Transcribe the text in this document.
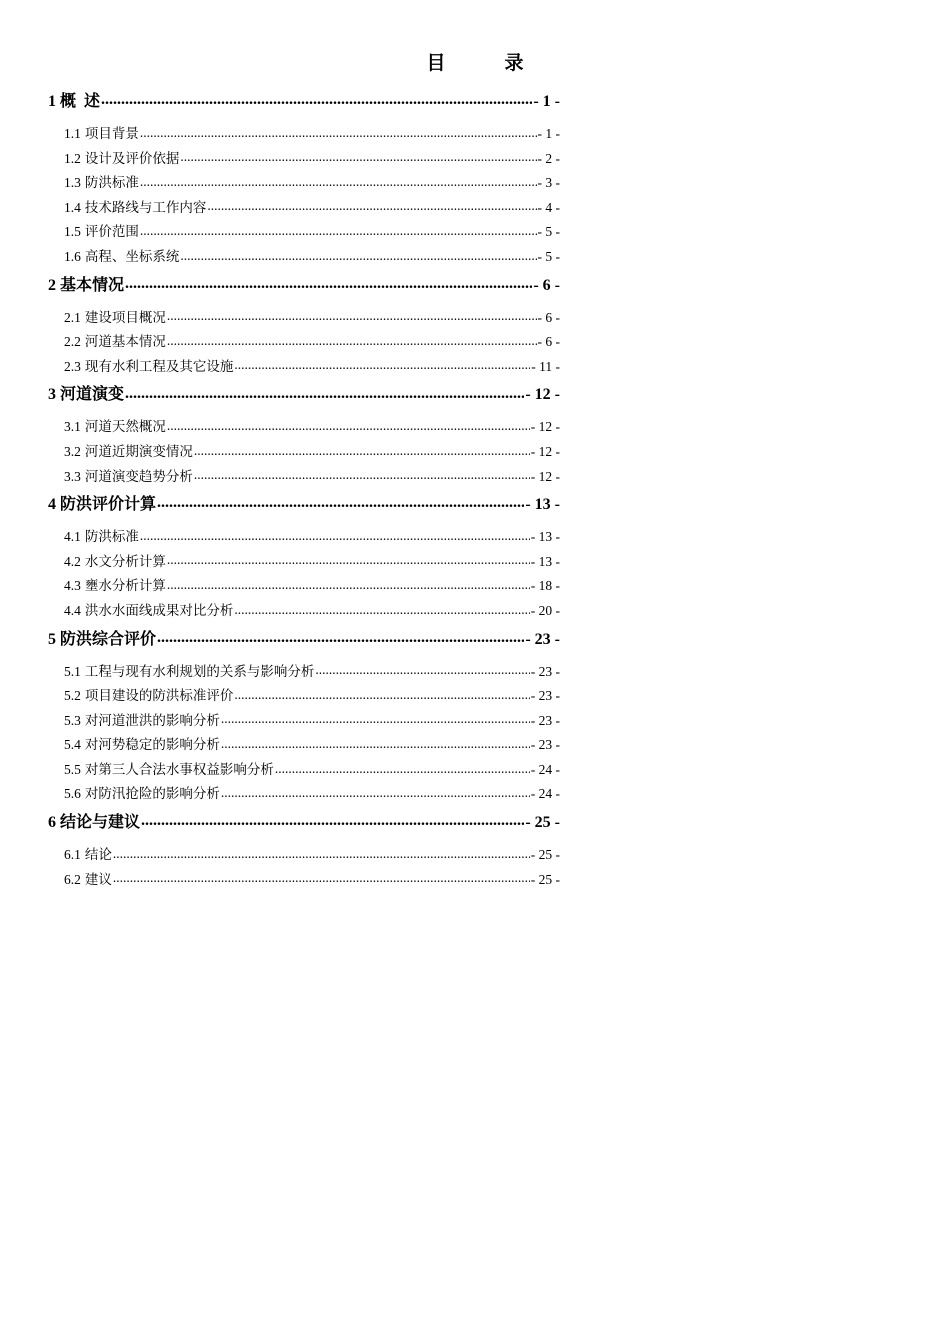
目　录
1 概  述 .....	- 1 -
1.1 项目背景 .....	- 1 -
1.2 设计及评价依据 .....	- 2 -
1.3 防洪标准 .....	- 3 -
1.4 技术路线与工作内容 .....	- 4 -
1.5 评价范围 .....	- 5 -
1.6 高程、坐标系统 .....	- 5 -
2 基本情况 .....	- 6 -
2.1 建设项目概况 .....	- 6 -
2.2 河道基本情况 .....	- 6 -
2.3 现有水利工程及其它设施 .....	- 11 -
3 河道演变 .....	- 12 -
3.1 河道天然概况 .....	- 12 -
3.2 河道近期演变情况 .....	- 12 -
3.3 河道演变趋势分析 .....	- 12 -
4 防洪评价计算 .....	- 13 -
4.1 防洪标准 .....	- 13 -
4.2 水文分析计算 .....	- 13 -
4.3 壅水分析计算 .....	- 18 -
4.4 洪水水面线成果对比分析 .....	- 20 -
5 防洪综合评价 .....	- 23 -
5.1 工程与现有水利规划的关系与影响分析 .....	- 23 -
5.2 项目建设的防洪标准评价 .....	- 23 -
5.3 对河道泄洪的影响分析 .....	- 23 -
5.4 对河势稳定的影响分析 .....	- 23 -
5.5 对第三人合法水事权益影响分析 .....	- 24 -
5.6 对防汛抢险的影响分析 .....	- 24 -
6 结论与建议 .....	- 25 -
6.1 结论 .....	- 25 -
6.2 建议 .....	- 25 -
